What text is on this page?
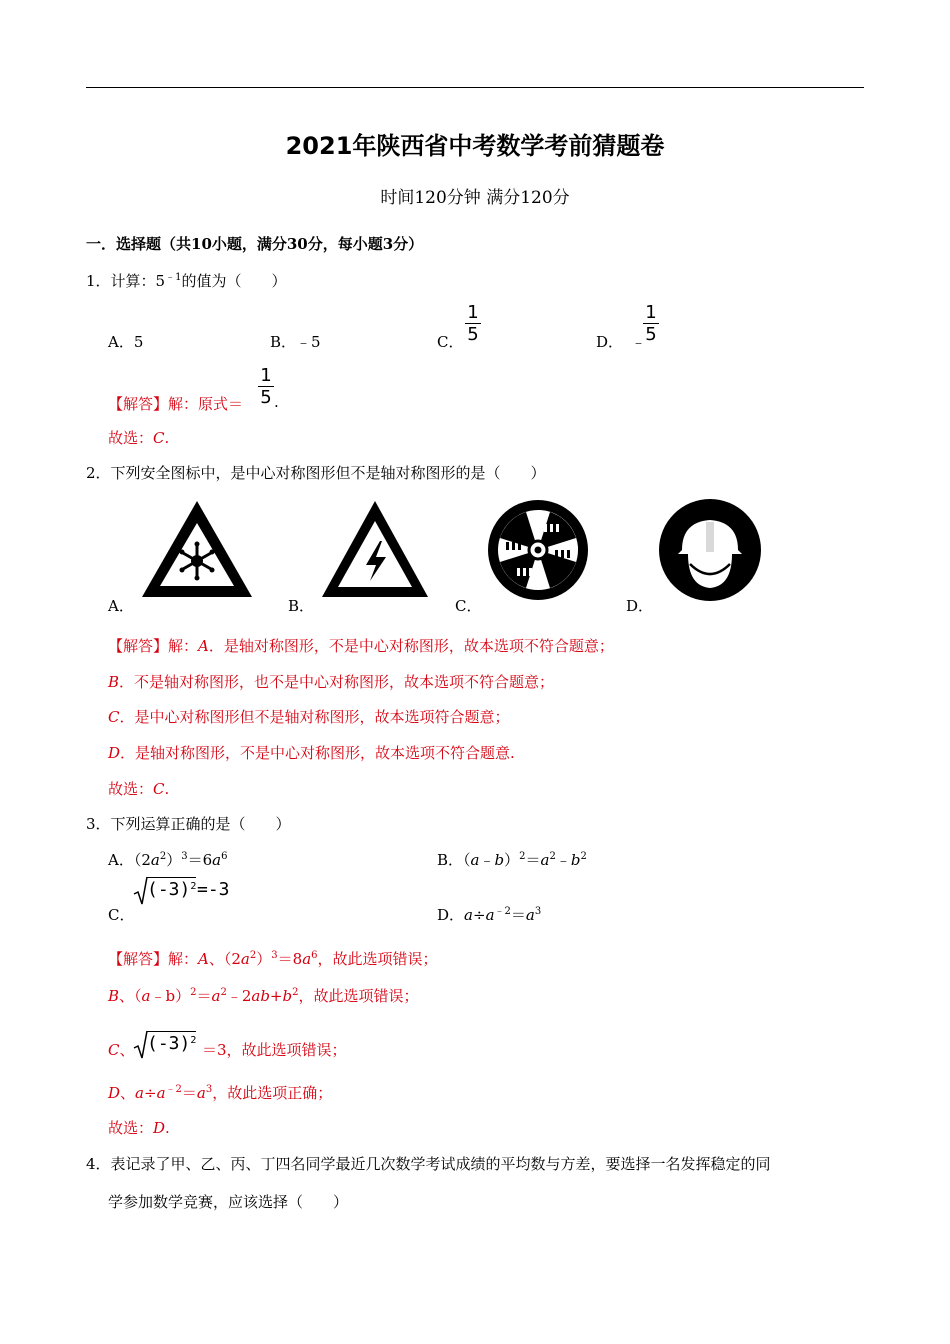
2021年陕西省中考数学考前猜题卷
时间120分钟 满分120分
一．选择题（共10小题，满分30分，每小题3分）
1．计算：$5^{﹣1}$的值为（　　）
A．5	B．﹣5	C．
1
5	D． ﹣
1
5
【解答】解：原式＝
1
5 .
故选：C.
2．下列安全图标中，是中心对称图形但不是轴对称图形的是（　　）
A．	B．	C．	D．
【解答】解：A．是轴对称图形，不是中心对称图形，故本选项不符合题意；
B．不是轴对称图形，也不是中心对称图形，故本选项不符合题意；
C．是中心对称图形但不是轴对称图形，故本选项符合题意；
D．是轴对称图形，不是中心对称图形，故本选项不符合题意.
故选：C.
3．下列运算正确的是（　　）
A．$(2a^2)^3=6a^6$	B．$(a﹣b)^2=a^2﹣b^2$
C．
$(-3)^2 =-3$
D．$a\div a^{﹣2}=a^3$
【解答】解：A、$(2a^2)^3=8a^6$，故此选项错误；
B、$(a﹣b)^2=a^2﹣2ab+b^2$，故此选项错误；
C、 $(-3)^2$
＝3，故此选项错误；
D、$a\div a^{﹣2}=a^3$，故此选项正确；
故选：D.
4．表记录了甲、乙、丙、丁四名同学最近几次数学考试成绩的平均数与方差，要选择一名发挥稳定的同
学参加数学竞赛，应该选择（　　）
